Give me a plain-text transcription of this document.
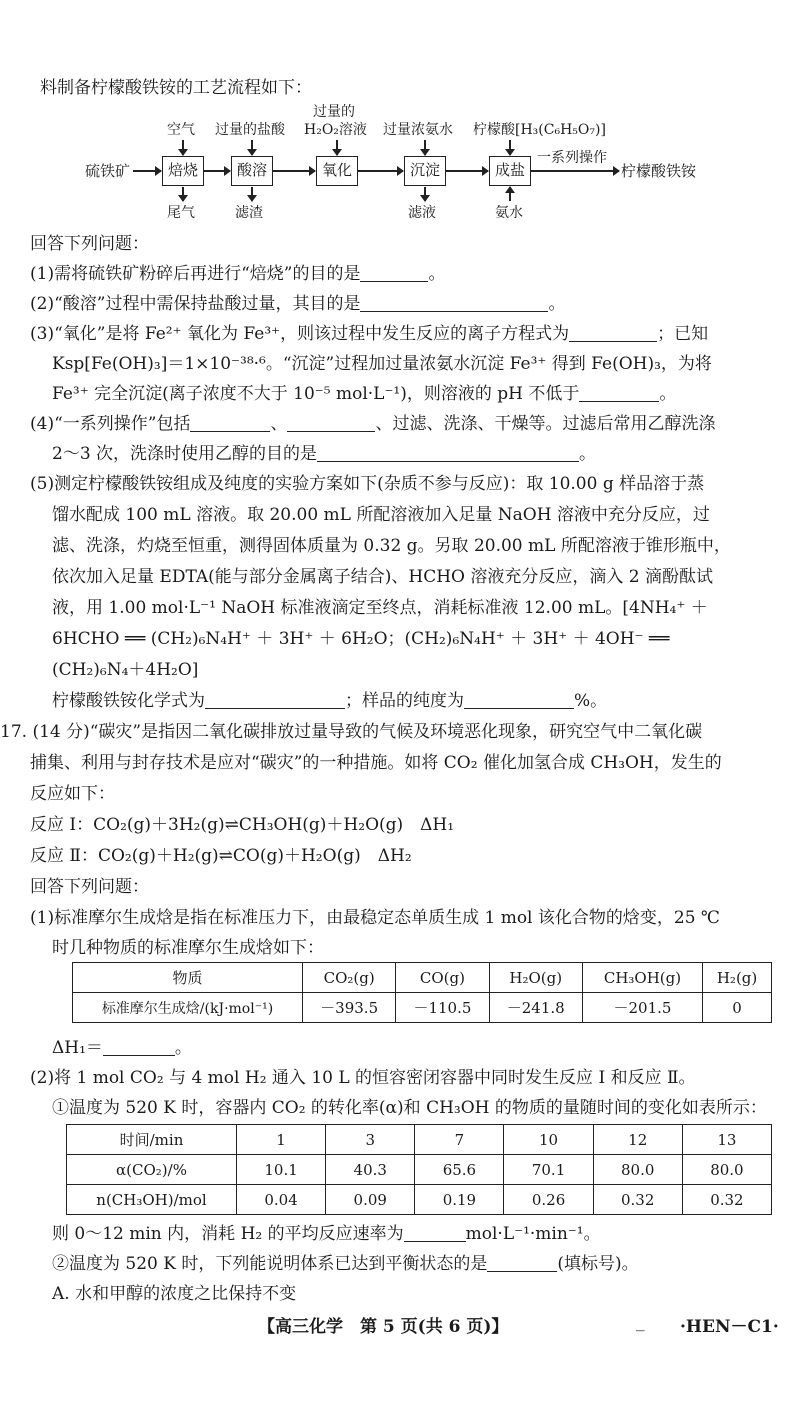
料制备柠檬酸铁铵的工艺流程如下：
硫铁矿	焙烧	酸溶	氧化	沉淀	成盐
一系列操作
柠檬酸铁铵
空气 过量的盐酸
过量的
H₂O₂溶液 过量浓氨水 柠檬酸[H₃(C₆H₅O₇)]
尾气	滤渣	滤液	氨水
回答下列问题：
(1)需将硫铁矿粉碎后再进行“焙烧”的目的是	。
(2)“酸溶”过程中需保持盐酸过量，其目的是	。
(3)“氧化”是将 Fe²⁺ 氧化为 Fe³⁺，则该过程中发生反应的离子方程式为	；已知
Ksp[Fe(OH)₃]＝1×10⁻³⁸·⁶。“沉淀”过程加过量浓氨水沉淀 Fe³⁺ 得到 Fe(OH)₃，为将
Fe³⁺ 完全沉淀(离子浓度不大于 10⁻⁵ mol·L⁻¹)，则溶液的 pH 不低于	。
(4)“一系列操作”包括	、	、过滤、洗涤、干燥等。过滤后常用乙醇洗涤
2～3 次，洗涤时使用乙醇的目的是	。
(5)测定柠檬酸铁铵组成及纯度的实验方案如下(杂质不参与反应)：取 10.00 g 样品溶于蒸
馏水配成 100 mL 溶液。取 20.00 mL 所配溶液加入足量 NaOH 溶液中充分反应，过
滤、洗涤，灼烧至恒重，测得固体质量为 0.32 g。另取 20.00 mL 所配溶液于锥形瓶中，
依次加入足量 EDTA(能与部分金属离子结合)、HCHO 溶液充分反应，滴入 2 滴酚酞试
液，用 1.00 mol·L⁻¹ NaOH 标准液滴定至终点，消耗标准液 12.00 mL。[4NH₄⁺ ＋
6HCHO ══ (CH₂)₆N₄H⁺ ＋ 3H⁺ ＋ 6H₂O；(CH₂)₆N₄H⁺ ＋ 3H⁺ ＋ 4OH⁻ ══
(CH₂)₆N₄＋4H₂O]
柠檬酸铁铵化学式为	；样品的纯度为	%。
17. (14 分)“碳灾”是指因二氧化碳排放过量导致的气候及环境恶化现象，研究空气中二氧化碳
捕集、利用与封存技术是应对“碳灾”的一种措施。如将 CO₂ 催化加氢合成 CH₃OH，发生的
反应如下：
反应 Ⅰ：CO₂(g)＋3H₂(g)⇌CH₃OH(g)＋H₂O(g)　ΔH₁
反应 Ⅱ：CO₂(g)＋H₂(g)⇌CO(g)＋H₂O(g)　ΔH₂
回答下列问题：
(1)标准摩尔生成焓是指在标准压力下，由最稳定态单质生成 1 mol 该化合物的焓变，25 ℃
时几种物质的标准摩尔生成焓如下：
物质	CO₂(g)	CO(g)	H₂O(g)	CH₃OH(g)	H₂(g)
标准摩尔生成焓/(kJ·mol⁻¹)	－393.5	－110.5	－241.8	－201.5	0
ΔH₁＝	。
(2)将 1 mol CO₂ 与 4 mol H₂ 通入 10 L 的恒容密闭容器中同时发生反应 Ⅰ 和反应 Ⅱ。
①温度为 520 K 时，容器内 CO₂ 的转化率(α)和 CH₃OH 的物质的量随时间的变化如表所示：
时间/min	1	3	7	10	12	13
α(CO₂)/%	10.1	40.3	65.6	70.1	80.0	80.0
n(CH₃OH)/mol	0.04	0.09	0.19	0.26	0.32	0.32
则 0～12 min 内，消耗 H₂ 的平均反应速率为	mol·L⁻¹·min⁻¹。
②温度为 520 K 时，下列能说明体系已达到平衡状态的是	(填标号)。
A. 水和甲醇的浓度之比保持不变
【高三化学　第 5 页(共 6 页)】	_ ·HEN－C1·
